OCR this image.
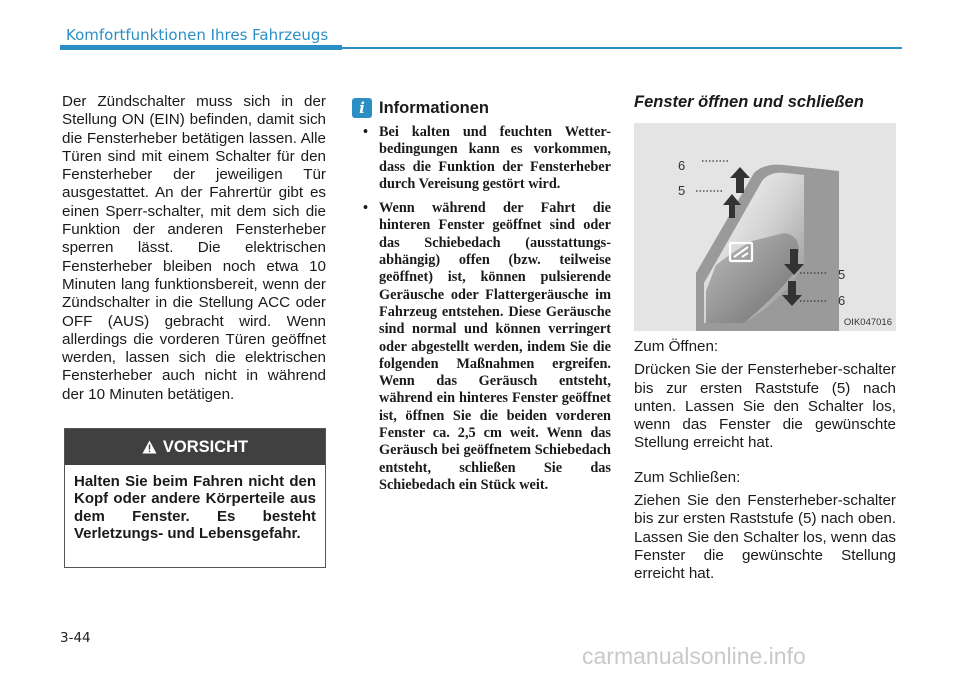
Komfortfunktionen Ihres Fahrzeugs
Der Zündschalter muss sich in der Stellung ON (EIN) befinden, damit sich die Fensterheber betätigen lassen. Alle Türen sind mit einem Schalter für den Fensterheber der jeweiligen Tür ausgestattet. An der Fahrertür gibt es einen Sperr-schalter, mit dem sich die Funktion der anderen Fensterheber sperren lässt. Die elektrischen Fensterheber bleiben noch etwa 10 Minuten lang funktionsbereit, wenn der Zündschalter in die Stellung ACC oder OFF (AUS) gebracht wird. Wenn allerdings die vorderen Türen geöffnet werden, lassen sich die elektrischen Fensterheber auch nicht in während der 10 Minuten betätigen.
VORSICHT
Halten Sie beim Fahren nicht den Kopf oder andere Körperteile aus dem Fenster. Es besteht Verletzungs- und Lebensgefahr.
i Informationen
• Bei kalten und feuchten Wetter-bedingungen kann es vorkommen, dass die Funktion der Fensterheber durch Vereisung gestört wird.
• Wenn während der Fahrt die hinteren Fenster geöffnet sind oder das Schiebedach (ausstattungs-abhängig) offen (bzw. teilweise geöffnet) ist, können pulsierende Geräusche oder Flattergeräusche im Fahrzeug entstehen. Diese Geräusche sind normal und können verringert oder abgestellt werden, indem Sie die folgenden Maßnahmen ergreifen. Wenn das Geräusch entsteht, während ein hinteres Fenster geöffnet ist, öffnen Sie die beiden vorderen Fenster ca. 2,5 cm weit. Wenn das Geräusch bei geöffnetem Schiebedach entsteht, schließen Sie das Schiebedach ein Stück weit.
Fenster öffnen und schließen
6
5
5
6
OIK047016

Zum Öffnen:

Drücken Sie der Fensterheber-schalter bis zur ersten Raststufe (5) nach unten. Lassen Sie den Schalter los, wenn das Fenster die gewünschte Stellung erreicht hat.

Zum Schließen:

Ziehen Sie den Fensterheber-schalter bis zur ersten Raststufe (5) nach oben. Lassen Sie den Schalter los, wenn das Fenster die gewünschte Stellung erreicht hat.

3-44
carmanualsonline.info
